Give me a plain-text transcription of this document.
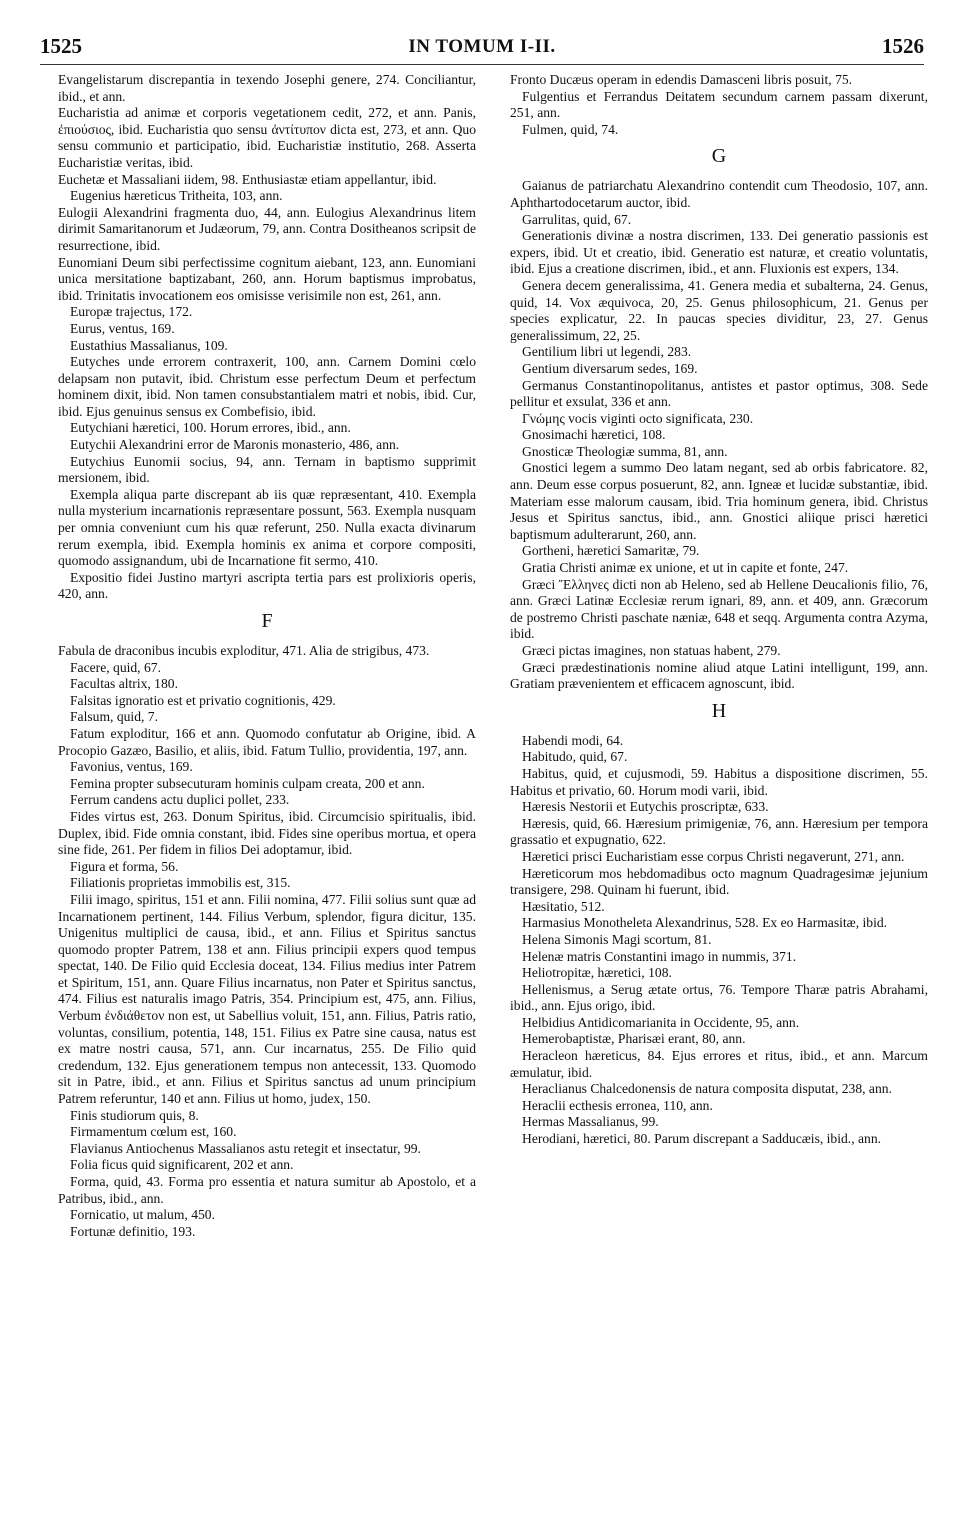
1525	IN TOMUM I-II.	1526
Evangelistarum discrepantia in texendo Josephi genere, 274. Conciliantur, ibid., et ann.
Eucharistia ad animæ et corporis vegetationem cedit, 272, et ann. Panis, ἐπιούσιος, ibid. Eucharistia quo sensu ἀντίτυπον dicta est, 273, et ann. Quo sensu communio et participatio, ibid. Eucharistiæ institutio, 268. Asserta Eucharistiæ veritas, ibid.
Euchetæ et Massaliani iidem, 98. Enthusiastæ etiam appellantur, ibid.
Eugenius hæreticus Tritheita, 103, ann.
Eulogii Alexandrini fragmenta duo, 44, ann. Eulogius Alexandrinus litem dirimit Samaritanorum et Judæorum, 79, ann. Contra Dositheanos scripsit de resurrectione, ibid.
Eunomiani Deum sibi perfectissime cognitum aiebant, 123, ann. Eunomiani unica mersitatione baptizabant, 260, ann. Horum baptismus improbatus, ibid. Trinitatis invocationem eos omisisse verisimile non est, 261, ann.
Europæ trajectus, 172.
Eurus, ventus, 169.
Eustathius Massalianus, 109.
Eutyches unde errorem contraxerit, 100, ann. Carnem Domini cœlo delapsam non putavit, ibid. Christum esse perfectum Deum et perfectum hominem dixit, ibid. Non tamen consubstantialem matri et nobis, ibid. Cur, ibid. Ejus genuinus sensus ex Combefisio, ibid.
Eutychiani hæretici, 100. Horum errores, ibid., ann.
Eutychii Alexandrini error de Maronis monasterio, 486, ann.
Eutychius Eunomii socius, 94, ann. Ternam in baptismo supprimit mersionem, ibid.
Exempla aliqua parte discrepant ab iis quæ repræsentant, 410. Exempla nulla mysterium incarnationis repræsentare possunt, 563. Exempla nusquam per omnia conveniunt cum his quæ referunt, 250. Nulla exacta divinarum rerum exempla, ibid. Exempla hominis ex anima et corpore compositi, quomodo assignandum, ubi de Incarnatione fit sermo, 410.
Expositio fidei Justino martyri ascripta tertia pars est prolixioris operis, 420, ann.
F
Fabula de draconibus incubis exploditur, 471. Alia de strigibus, 473.
Facere, quid, 67.
Facultas altrix, 180.
Falsitas ignoratio est et privatio cognitionis, 429.
Falsum, quid, 7.
Fatum exploditur, 166 et ann. Quomodo confutatur ab Origine, ibid. A Procopio Gazæo, Basilio, et aliis, ibid. Fatum Tullio, providentia, 197, ann.
Favonius, ventus, 169.
Femina propter subsecuturam hominis culpam creata, 200 et ann.
Ferrum candens actu duplici pollet, 233.
Fides virtus est, 263. Donum Spiritus, ibid. Circumcisio spiritualis, ibid. Duplex, ibid. Fide omnia constant, ibid. Fides sine operibus mortua, et opera sine fide, 261. Per fidem in filios Dei adoptamur, ibid.
Figura et forma, 56.
Filiationis proprietas immobilis est, 315.
Filii imago, spiritus, 151 et ann. Filii nomina, 477. Filii solius sunt quæ ad Incarnationem pertinent, 144. Filius Verbum, splendor, figura dicitur, 135. Unigenitus multiplici de causa, ibid., et ann. Filius et Spiritus sanctus quomodo propter Patrem, 138 et ann. Filius principii expers quod tempus spectat, 140. De Filio quid Ecclesia doceat, 134. Filius medius inter Patrem et Spiritum, 151, ann. Quare Filius incarnatus, non Pater et Spiritus sanctus, 474. Filius est naturalis imago Patris, 354. Principium est, 475, ann. Filius, Verbum ἐνδιάθετον non est, ut Sabellius voluit, 151, ann. Filius, Patris ratio, voluntas, consilium, potentia, 148, 151. Filius ex Patre sine causa, natus est ex matre nostri causa, 571, ann. Cur incarnatus, 255. De Filio quid credendum, 132. Ejus generationem tempus non antecessit, 133. Quomodo sit in Patre, ibid., et ann. Filius et Spiritus sanctus ad unum principium Patrem referuntur, 140 et ann. Filius ut homo, judex, 150.
Finis studiorum quis, 8.
Firmamentum cœlum est, 160.
Flavianus Antiochenus Massalianos astu retegit et insectatur, 99.
Folia ficus quid significarent, 202 et ann.
Forma, quid, 43. Forma pro essentia et natura sumitur ab Apostolo, et a Patribus, ibid., ann.
Fornicatio, ut malum, 450.
Fortunæ definitio, 193.
Fronto Ducæus operam in edendis Damasceni libris posuit, 75.
Fulgentius et Ferrandus Deitatem secundum carnem passam dixerunt, 251, ann.
Fulmen, quid, 74.
G
Gaianus de patriarchatu Alexandrino contendit cum Theodosio, 107, ann. Aphthartodocetarum auctor, ibid.
Garrulitas, quid, 67.
Generationis divinæ a nostra discrimen, 133. Dei generatio passionis est expers, ibid. Ut et creatio, ibid. Generatio est naturæ, et creatio voluntatis, ibid. Ejus a creatione discrimen, ibid., et ann. Fluxionis est expers, 134.
Genera decem generalissima, 41. Genera media et subalterna, 24. Genus, quid, 14. Vox æquivoca, 20, 25. Genus philosophicum, 21. Genus per species explicatur, 22. In paucas species dividitur, 23, 27. Genus generalissimum, 22, 25.
Gentilium libri ut legendi, 283.
Gentium diversarum sedes, 169.
Germanus Constantinopolitanus, antistes et pastor optimus, 308. Sede pellitur et exsulat, 336 et ann.
Γνώμης vocis viginti octo significata, 230.
Gnosimachi hæretici, 108.
Gnosticæ Theologiæ summa, 81, ann.
Gnostici legem a summo Deo latam negant, sed ab orbis fabricatore. 82, ann. Deum esse corpus posuerunt, 82, ann. Igneæ et lucidæ substantiæ, ibid. Materiam esse malorum causam, ibid. Tria hominum genera, ibid. Christus Jesus et Spiritus sanctus, ibid., ann. Gnostici aliique prisci hæretici baptismum adulterarunt, 260, ann.
Gortheni, hæretici Samaritæ, 79.
Gratia Christi animæ ex unione, et ut in capite et fonte, 247.
Græci Ἕλληνες dicti non ab Heleno, sed ab Hellene Deucalionis filio, 76, ann. Græci Latinæ Ecclesiæ rerum ignari, 89, ann. et 409, ann. Græcorum de postremo Christi paschate næniæ, 648 et seqq. Argumenta contra Azyma, ibid.
Græci pictas imagines, non statuas habent, 279.
Græci prædestinationis nomine aliud atque Latini intelligunt, 199, ann. Gratiam prævenientem et efficacem agnoscunt, ibid.
H
Habendi modi, 64.
Habitudo, quid, 67.
Habitus, quid, et cujusmodi, 59. Habitus a dispositione discrimen, 55. Habitus et privatio, 60. Horum modi varii, ibid.
Hæresis Nestorii et Eutychis proscriptæ, 633.
Hæresis, quid, 66. Hæresium primigeniæ, 76, ann. Hæresium per tempora grassatio et expugnatio, 622.
Hæretici prisci Eucharistiam esse corpus Christi negaverunt, 271, ann.
Hæreticorum mos hebdomadibus octo magnum Quadragesimæ jejunium transigere, 298. Quinam hi fuerunt, ibid.
Hæsitatio, 512.
Harmasius Monotheleta Alexandrinus, 528. Ex eo Harmasitæ, ibid.
Helena Simonis Magi scortum, 81.
Helenæ matris Constantini imago in nummis, 371.
Heliotropitæ, hæretici, 108.
Hellenismus, a Serug ætate ortus, 76. Tempore Tharæ patris Abrahami, ibid., ann. Ejus origo, ibid.
Helbidius Antidicomarianita in Occidente, 95, ann.
Hemerobaptistæ, Pharisæi erant, 80, ann.
Heracleon hæreticus, 84. Ejus errores et ritus, ibid., et ann. Marcum æmulatur, ibid.
Heraclianus Chalcedonensis de natura composita disputat, 238, ann.
Heraclii ecthesis erronea, 110, ann.
Hermas Massalianus, 99.
Herodiani, hæretici, 80. Parum discrepant a Sadducæis, ibid., ann.
